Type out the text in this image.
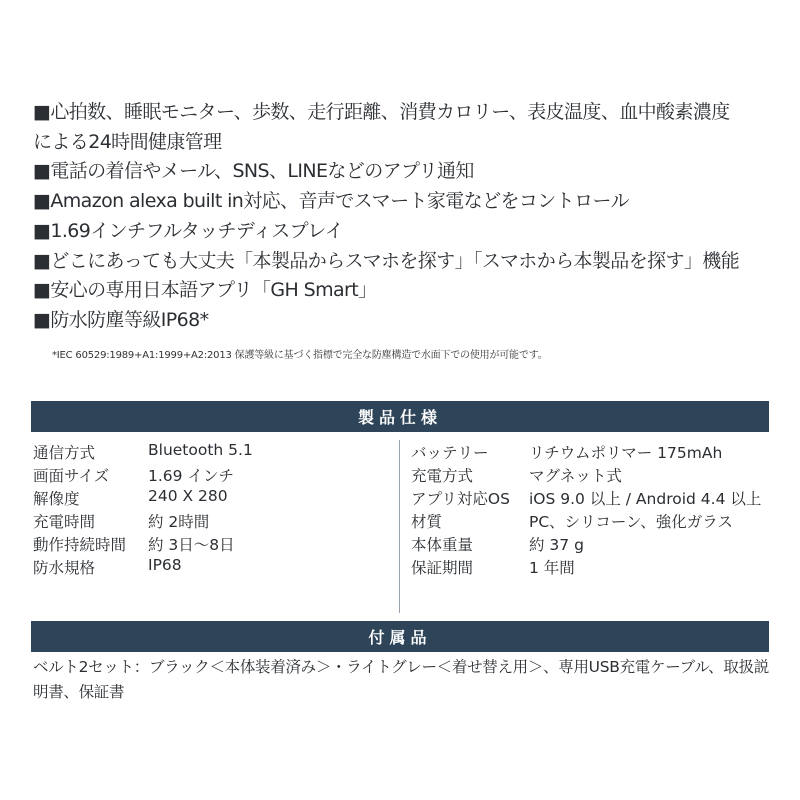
■心拍数、睡眠モニター、歩数、走行距離、消費カロリー、表皮温度、血中酸素濃度
による24時間健康管理
■電話の着信やメール、SNS、LINEなどのアプリ通知
■Amazon alexa built in対応、音声でスマート家電などをコントロール
■1.69インチフルタッチディスプレイ
■どこにあっても大丈夫「本製品からスマホを探す」「スマホから本製品を探す」機能
■安心の専用日本語アプリ「GH Smart」
■防水防塵等級IP68*
*IEC 60529:1989+A1:1999+A2:2013 保護等級に基づく指標で完全な防塵構造で水面下での使用が可能です。
製品仕様
通信方式	Bluetooth 5.1
画面サイズ	1.69 インチ
解像度	240 X 280
充電時間	約 2時間
動作持続時間	約 3日〜8日
防水規格	IP68
バッテリー	リチウムポリマー 175mAh
充電方式	マグネット式
アプリ対応OS	iOS 9.0 以上 / Android 4.4 以上
材質	PC、シリコーン、強化ガラス
本体重量	約 37 g
保証期間	1 年間
付属品
ベルト2セット：ブラック＜本体装着済み＞・ライトグレー＜着せ替え用＞、専用USB充電ケーブル、取扱説明書、保証書
